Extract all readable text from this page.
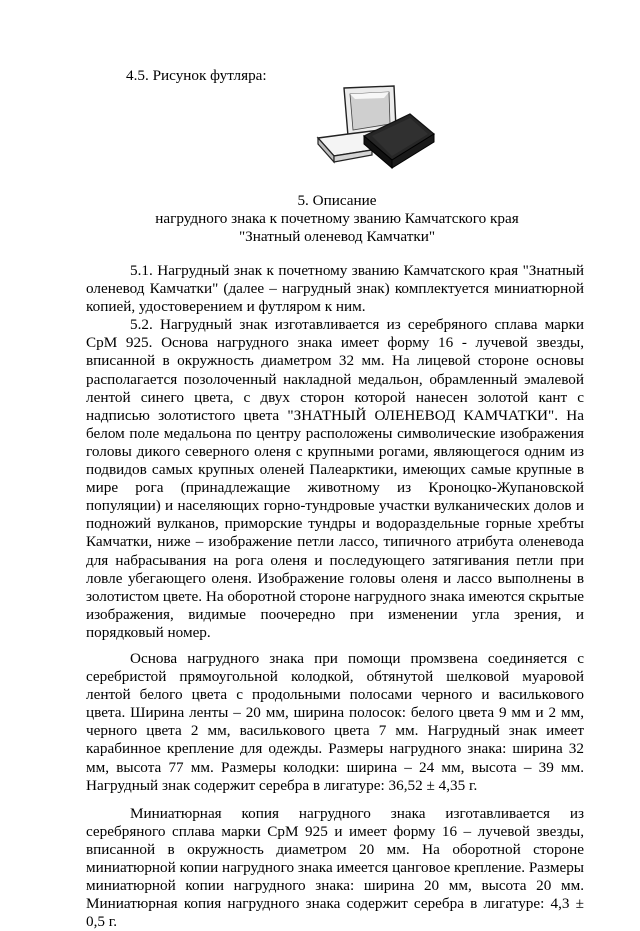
4.5. Рисунок футляра:

5. Описание
нагрудного знака к почетному званию Камчатского края
"Знатный оленевод Камчатки"

5.1. Нагрудный знак к почетному званию Камчатского края "Знатный оленевод Камчатки" (далее – нагрудный знак) комплектуется миниатюрной копией, удостоверением и футляром к ним.

5.2. Нагрудный знак изготавливается из серебряного сплава марки СрМ 925. Основа нагрудного знака имеет форму 16 - лучевой звезды, вписанной в окружность диаметром 32 мм. На лицевой стороне основы располагается позолоченный накладной медальон, обрамленный эмалевой лентой синего цвета, с двух сторон которой нанесен золотой кант с надписью золотистого цвета "ЗНАТНЫЙ ОЛЕНЕВОД КАМЧАТКИ". На белом поле медальона по центру расположены символические изображения головы дикого северного оленя с крупными рогами, являющегося одним из подвидов самых крупных оленей Палеарктики, имеющих самые крупные в мире рога (принадлежащие животному из Кроноцко-Жупановской популяции) и населяющих горно-тундровые участки вулканических долов и подножий вулканов, приморские тундры и водораздельные горные хребты Камчатки, ниже – изображение петли лассо, типичного атрибута оленевода для набрасывания на рога оленя и последующего затягивания петли при ловле убегающего оленя. Изображение головы оленя и лассо выполнены в золотистом цвете. На оборотной стороне нагрудного знака имеются скрытые изображения, видимые поочередно при изменении угла зрения, и порядковый номер.

Основа нагрудного знака при помощи промзвена соединяется с серебристой прямоугольной колодкой, обтянутой шелковой муаровой лентой белого цвета с продольными полосами черного и василькового цвета. Ширина ленты – 20 мм, ширина полосок: белого цвета 9 мм и 2 мм, черного цвета 2 мм, василькового цвета 7 мм. Нагрудный знак имеет карабинное крепление для одежды. Размеры нагрудного знака: ширина 32 мм, высота 77 мм. Размеры колодки: ширина – 24 мм, высота – 39 мм. Нагрудный знак содержит серебра в лигатуре: 36,52 ± 4,35 г.

Миниатюрная копия нагрудного знака изготавливается из серебряного сплава марки СрМ 925 и имеет форму 16 – лучевой звезды, вписанной в окружность диаметром 20 мм. На оборотной стороне миниатюрной копии нагрудного знака имеется цанговое крепление. Размеры миниатюрной копии нагрудного знака: ширина 20 мм, высота 20 мм. Миниатюрная копия нагрудного знака содержит серебра в лигатуре: 4,3 ± 0,5 г.
